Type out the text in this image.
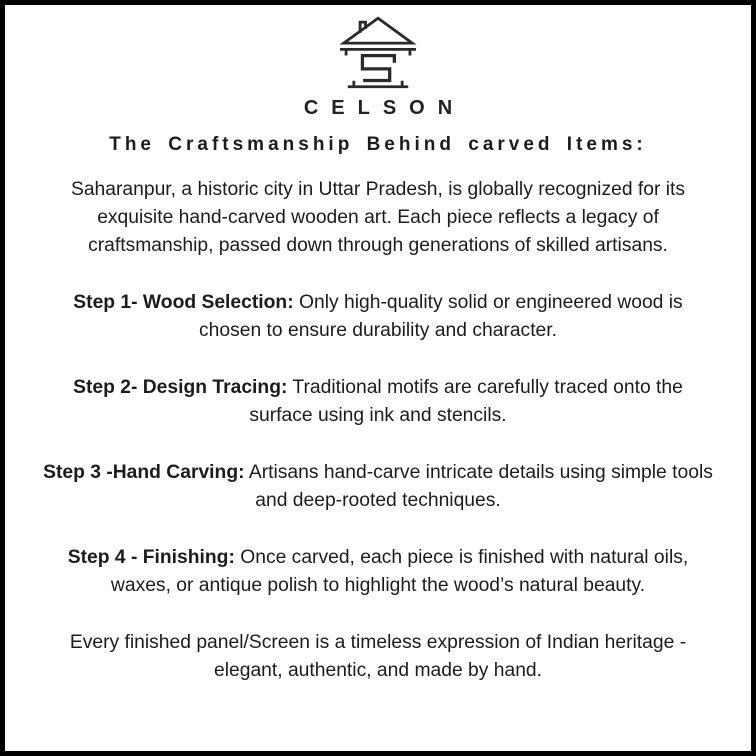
CELSON
The Craftsmanship Behind carved Items:

Saharanpur, a historic city in Uttar Pradesh, is globally recognized for its exquisite hand-carved wooden art. Each piece reflects a legacy of craftsmanship, passed down through generations of skilled artisans.

Step 1- Wood Selection: Only high-quality solid or engineered wood is chosen to ensure durability and character.

Step 2- Design Tracing: Traditional motifs are carefully traced onto the surface using ink and stencils.

Step 3 -Hand Carving: Artisans hand-carve intricate details using simple tools and deep-rooted techniques.

Step 4 - Finishing: Once carved, each piece is finished with natural oils, waxes, or antique polish to highlight the wood’s natural beauty.

Every finished panel/Screen is a timeless expression of Indian heritage - elegant, authentic, and made by hand.
